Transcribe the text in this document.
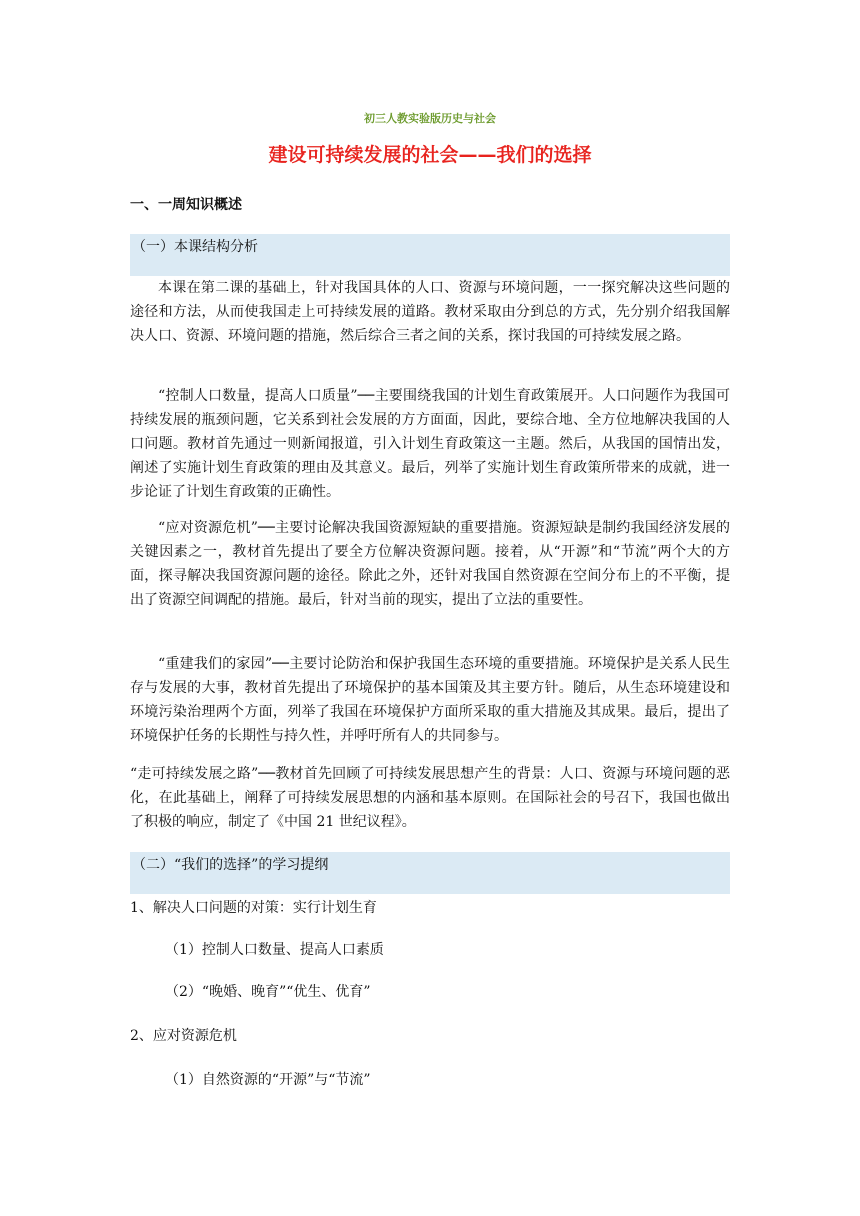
初三人教实验版历史与社会
建设可持续发展的社会——我们的选择
一、一周知识概述
（一）本课结构分析
本课在第二课的基础上，针对我国具体的人口、资源与环境问题，一一探究解决这些问题的途径和方法，从而使我国走上可持续发展的道路。教材采取由分到总的方式，先分别介绍我国解决人口、资源、环境问题的措施，然后综合三者之间的关系，探讨我国的可持续发展之路。
“控制人口数量，提高人口质量”──主要围绕我国的计划生育政策展开。人口问题作为我国可持续发展的瓶颈问题，它关系到社会发展的方方面面，因此，要综合地、全方位地解决我国的人口问题。教材首先通过一则新闻报道，引入计划生育政策这一主题。然后，从我国的国情出发，阐述了实施计划生育政策的理由及其意义。最后，列举了实施计划生育政策所带来的成就，进一步论证了计划生育政策的正确性。
“应对资源危机”──主要讨论解决我国资源短缺的重要措施。资源短缺是制约我国经济发展的关键因素之一，教材首先提出了要全方位解决资源问题。接着，从“开源”和“节流”两个大的方面，探寻解决我国资源问题的途径。除此之外，还针对我国自然资源在空间分布上的不平衡，提出了资源空间调配的措施。最后，针对当前的现实，提出了立法的重要性。
“重建我们的家园”──主要讨论防治和保护我国生态环境的重要措施。环境保护是关系人民生存与发展的大事，教材首先提出了环境保护的基本国策及其主要方针。随后，从生态环境建设和环境污染治理两个方面，列举了我国在环境保护方面所采取的重大措施及其成果。最后，提出了环境保护任务的长期性与持久性，并呼吁所有人的共同参与。
“走可持续发展之路”──教材首先回顾了可持续发展思想产生的背景：人口、资源与环境问题的恶化，在此基础上，阐释了可持续发展思想的内涵和基本原则。在国际社会的号召下，我国也做出了积极的响应，制定了《中国 21 世纪议程》。
（二）“我们的选择”的学习提纲
1、解决人口问题的对策：实行计划生育
（1）控制人口数量、提高人口素质
（2）“晚婚、晚育”“优生、优育”
2、应对资源危机
（1）自然资源的“开源”与“节流”
